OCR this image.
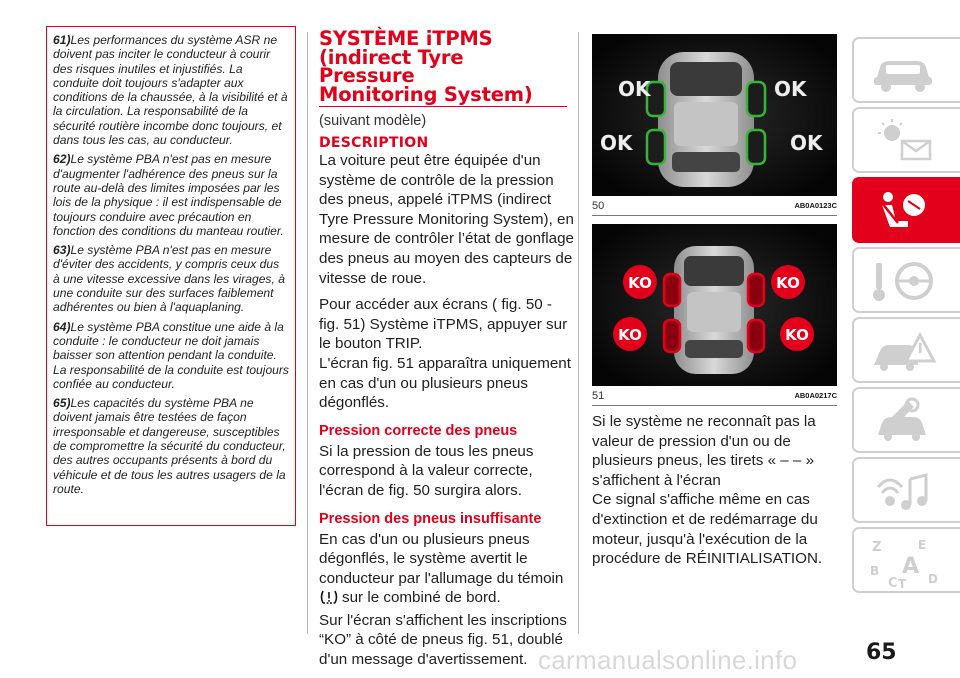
61)Les performances du système ASR ne doivent pas inciter le conducteur à courir des risques inutiles et injustifiés. La conduite doit toujours s'adapter aux conditions de la chaussée, à la visibilité et à la circulation. La responsabilité de la sécurité routière incombe donc toujours, et dans tous les cas, au conducteur.

62)Le système PBA n'est pas en mesure d'augmenter l'adhérence des pneus sur la route au-delà des limites imposées par les lois de la physique : il est indispensable de toujours conduire avec précaution en fonction des conditions du manteau routier.

63)Le système PBA n'est pas en mesure d'éviter des accidents, y compris ceux dus à une vitesse excessive dans les virages, à une conduite sur des surfaces faiblement adhérentes ou bien à l'aquaplaning.

64)Le système PBA constitue une aide à la conduite : le conducteur ne doit jamais baisser son attention pendant la conduite. La responsabilité de la conduite est toujours confiée au conducteur.

65)Les capacités du système PBA ne doivent jamais être testées de façon irresponsable et dangereuse, susceptibles de compromettre la sécurité du conducteur, des autres occupants présents à bord du véhicule et de tous les autres usagers de la route.

SYSTÈME iTPMS
(indirect Tyre
Pressure
Monitoring System)
(suivant modèle)
DESCRIPTION

La voiture peut être équipée d'un système de contrôle de la pression des pneus, appelé iTPMS (indirect Tyre Pressure Monitoring System), en mesure de contrôler l’état de gonflage des pneus au moyen des capteurs de vitesse de roue.

Pour accéder aux écrans ( fig. 50 - fig. 51) Système iTPMS, appuyer sur le bouton TRIP.

L'écran fig. 51 apparaîtra uniquement en cas d'un ou plusieurs pneus dégonflés.

Pression correcte des pneus

Si la pression de tous les pneus correspond à la valeur correcte, l'écran de fig. 50 surgira alors.

Pression des pneus insuffisante

En cas d'un ou plusieurs pneus dégonflés, le système avertit le conducteur par l'allumage du témoin
sur le combiné de bord.

Sur l'écran s'affichent les inscriptions “KO” à côté de pneus fig. 51, doublé d'un message d'avertissement.

OK	OK
OK	OK
50	AB0A0123C
KO	KO
KO	KO
51	AB0A0217C

Si le système ne reconnaît pas la valeur de pression d'un ou de plusieurs pneus, les tirets « – – » s'affichent à l'écran

Ce signal s'affiche même en cas d'extinction et de redémarrage du moteur, jusqu'à l'exécution de la procédure de RÉINITIALISATION.

Z	E
B A
C T D
65
carmanualsonline.info
